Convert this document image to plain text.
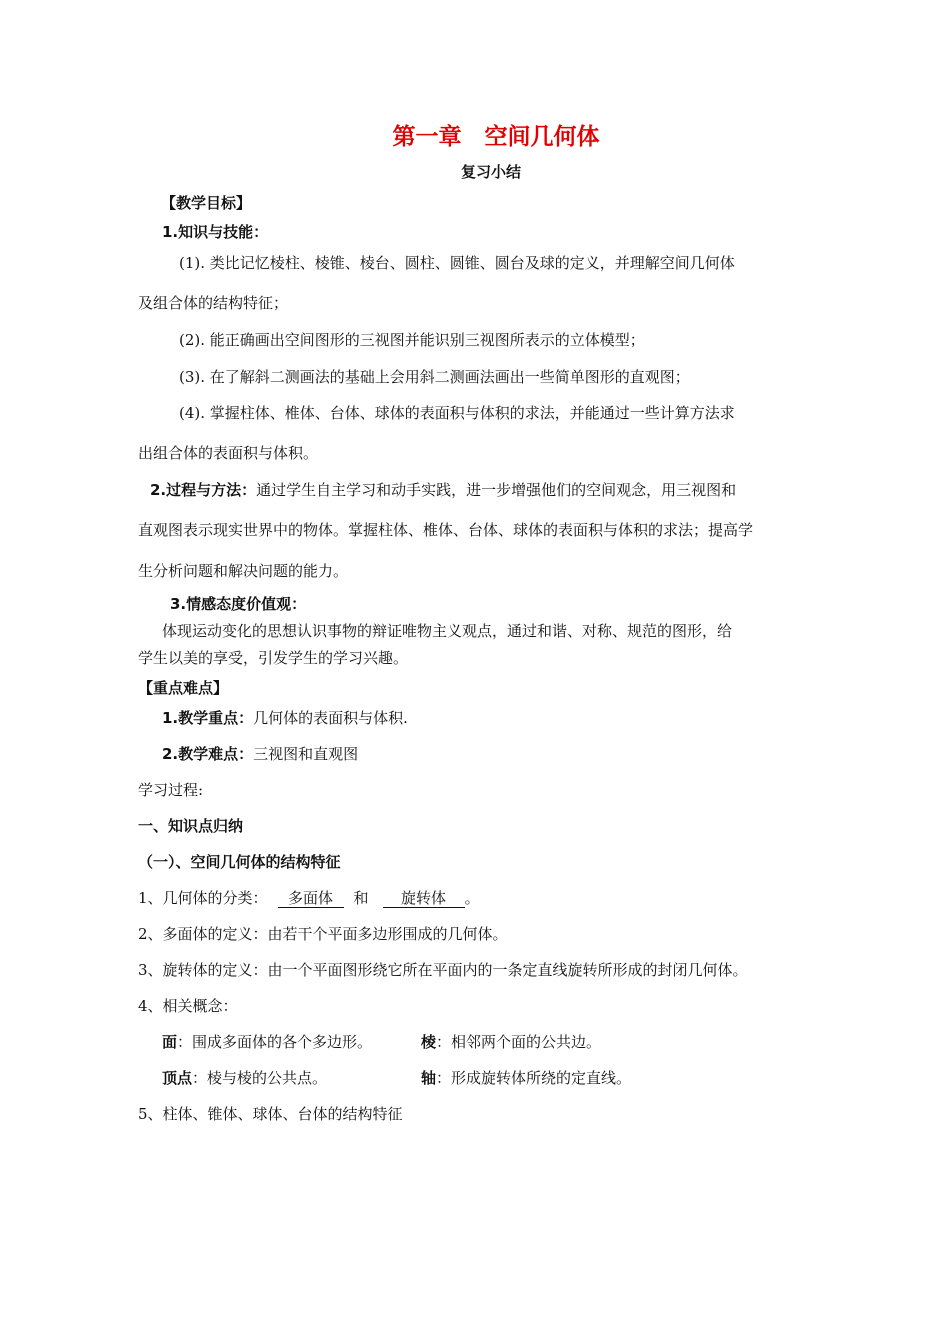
第一章　空间几何体
复习小结
【教学目标】
1.知识与技能：
(1). 类比记忆棱柱、棱锥、棱台、圆柱、圆锥、圆台及球的定义，并理解空间几何体
及组合体的结构特征；
(2). 能正确画出空间图形的三视图并能识别三视图所表示的立体模型；
(3). 在了解斜二测画法的基础上会用斜二测画法画出一些简单图形的直观图；
(4). 掌握柱体、椎体、台体、球体的表面积与体积的求法，并能通过一些计算方法求
出组合体的表面积与体积。
2.过程与方法：通过学生自主学习和动手实践，进一步增强他们的空间观念，用三视图和
直观图表示现实世界中的物体。掌握柱体、椎体、台体、球体的表面积与体积的求法；提高学
生分析问题和解决问题的能力。
3.情感态度价值观：
体现运动变化的思想认识事物的辩证唯物主义观点，通过和谐、对称、规范的图形，给
学生以美的享受，引发学生的学习兴趣。
【重点难点】
1.教学重点：几何体的表面积与体积.
2.教学难点：三视图和直观图
学习过程:
一、知识点归纳
（一）、空间几何体的结构特征
1、几何体的分类： 多面体 和 旋转体 。
2、多面体的定义：由若干个平面多边形围成的几何体。
3、旋转体的定义：由一个平面图形绕它所在平面内的一条定直线旋转所形成的封闭几何体。
4、相关概念：
面：围成多面体的各个多边形。	棱：相邻两个面的公共边。
顶点：棱与棱的公共点。	轴：形成旋转体所绕的定直线。
5、柱体、锥体、球体、台体的结构特征
